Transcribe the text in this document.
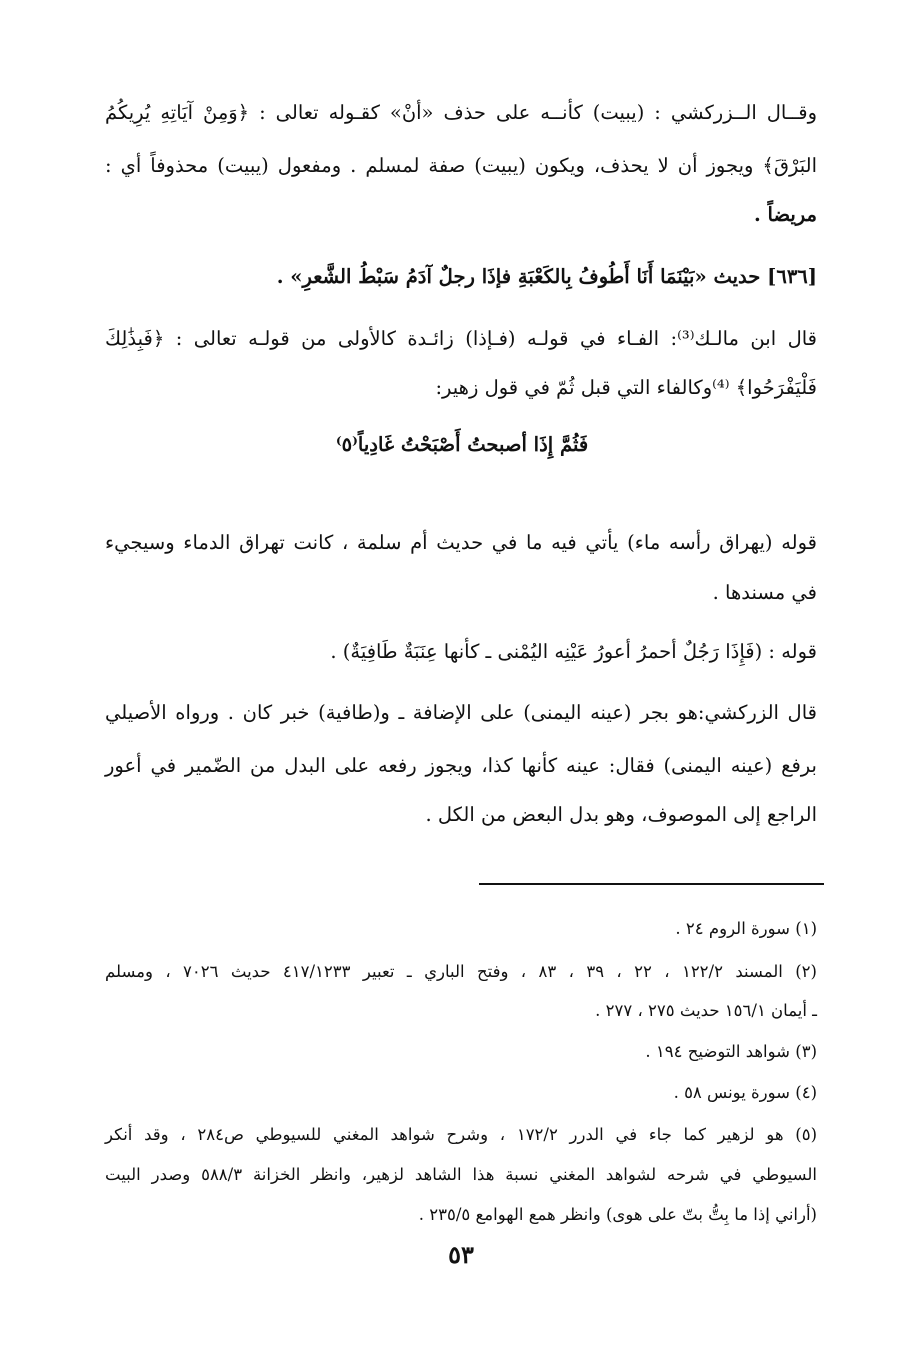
وقــال الــزركشي : (يبيت) كأنــه على حذف «أنْ» كقـوله تعالى : ﴿وَمِنْ آيَاتِهِ يُرِيكُمُ
البَرْقَ﴾ ويجوز أن لا يحذف، ويكون (يبيت) صفة لمسلم . ومفعول (يبيت) محذوفاً أي :
مريضاً .
[٦٣٦] حديث «بَيْنَمَا أَنَا أَطُوفُ بِالكَعْبَةِ فإذَا رجلٌ آدَمُ سَبْطُ الشَّعرِ» .
قال ابن مالـك⁽³⁾: الفـاء في قولـه (فـإذا) زائـدة كالأولى من قولـه تعالى : ﴿فَبِذَٰلِكَ
فَلْيَفْرَحُوا﴾ ⁽⁴⁾وكالفاء التي قبل ثُمّ في قول زهير:
فَثُمَّ إِذَا أصبحتُ أَصْبَحْتُ غَادِياً⁽٥⁾
قوله (يهراق رأسه ماء) يأتي فيه ما في حديث أم سلمة ، كانت تهراق الدماء وسيجيء
في مسندها .
قوله : (فَإِذَا رَجُلٌ أحمرُ أعورُ عَيْنِه اليُمْنى ـ كأنها عِنَبَةٌ طَافِيَةٌ) .
قال الزركشي:هو بجر (عينه اليمنى) على الإضافة ـ و(طافية) خبر كان . ورواه الأصيلي
برفع (عينه اليمنى) فقال: عينه كأنها كذا، ويجوز رفعه على البدل من الضّمير في أعور
الراجع إلى الموصوف، وهو بدل البعض من الكل .
(١) سورة الروم ٢٤ .
(٢) المسند ١٢٢/٢ ، ٢٢ ، ٣٩ ، ٨٣ ، وفتح الباري ـ تعبير ٤١٧/١٢٣٣ حديث ٧٠٢٦ ، ومسلم
ـ أيمان ١٥٦/١ حديث ٢٧٥ ، ٢٧٧ .
(٣) شواهد التوضيح ١٩٤ .
(٤) سورة يونس ٥٨ .
(٥) هو لزهير كما جاء في الدرر ١٧٢/٢ ، وشرح شواهد المغني للسيوطي ص٢٨٤ ، وقد أنكر
السيوطي في شرحه لشواهد المغني نسبة هذا الشاهد لزهير، وانظر الخزانة ٥٨٨/٣ وصدر البيت
(أراني إذا ما بِتُّ بتّ على هوى) وانظر همع الهوامع ٢٣٥/٥ .
٥٣
